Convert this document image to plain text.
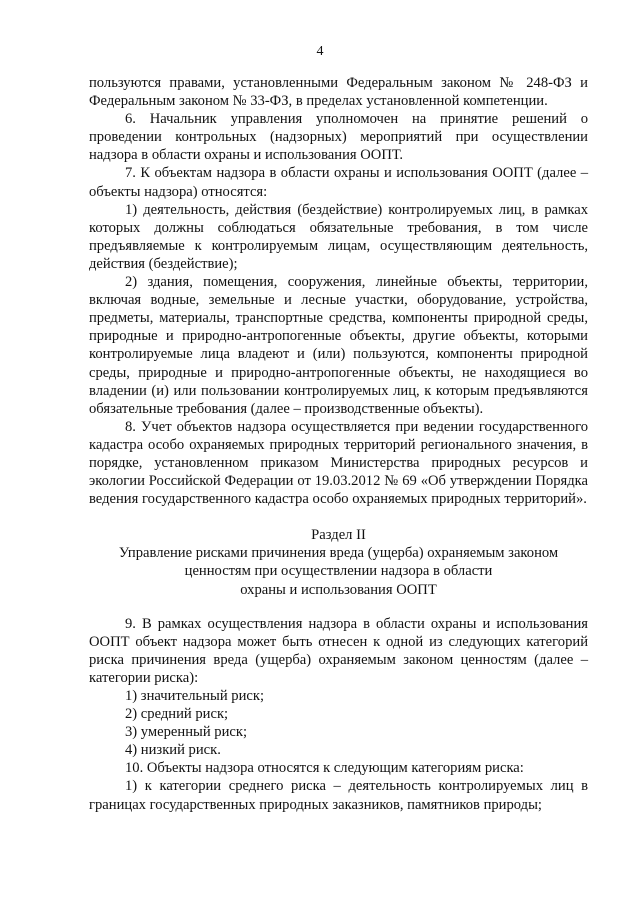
4

пользуются правами, установленными Федеральным законом № 248-ФЗ и Федеральным законом № 33-ФЗ, в пределах установленной компетенции.

6. Начальник управления уполномочен на принятие решений о проведении контрольных (надзорных) мероприятий при осуществлении надзора в области охраны и использования ООПТ.

7. К объектам надзора в области охраны и использования ООПТ (далее – объекты надзора) относятся:

1) деятельность, действия (бездействие) контролируемых лиц, в рамках которых должны соблюдаться обязательные требования, в том числе предъявляемые к контролируемым лицам, осуществляющим деятельность, действия (бездействие);

2) здания, помещения, сооружения, линейные объекты, территории, включая водные, земельные и лесные участки, оборудование, устройства, предметы, материалы, транспортные средства, компоненты природной среды, природные и природно-антропогенные объекты, другие объекты, которыми контролируемые лица владеют и (или) пользуются, компоненты природной среды, природные и природно-антропогенные объекты, не находящиеся во владении (и) или пользовании контролируемых лиц, к которым предъявляются обязательные требования (далее – производственные объекты).

8. Учет объектов надзора осуществляется при ведении государственного кадастра особо охраняемых природных территорий регионального значения, в порядке, установленном приказом Министерства природных ресурсов и экологии Российской Федерации от 19.03.2012 № 69 «Об утверждении Порядка ведения государственного кадастра особо охраняемых природных территорий».

Раздел II

Управление рисками причинения вреда (ущерба) охраняемым законом

ценностям при осуществлении надзора в области

охраны и использования ООПТ

9. В рамках осуществления надзора в области охраны и использования ООПТ объект надзора может быть отнесен к одной из следующих категорий риска причинения вреда (ущерба) охраняемым законом ценностям (далее – категории риска):

1) значительный риск;

2) средний риск;

3) умеренный риск;

4) низкий риск.

10. Объекты надзора относятся к следующим категориям риска:

1) к категории среднего риска – деятельность контролируемых лиц в границах государственных природных заказников, памятников природы;
